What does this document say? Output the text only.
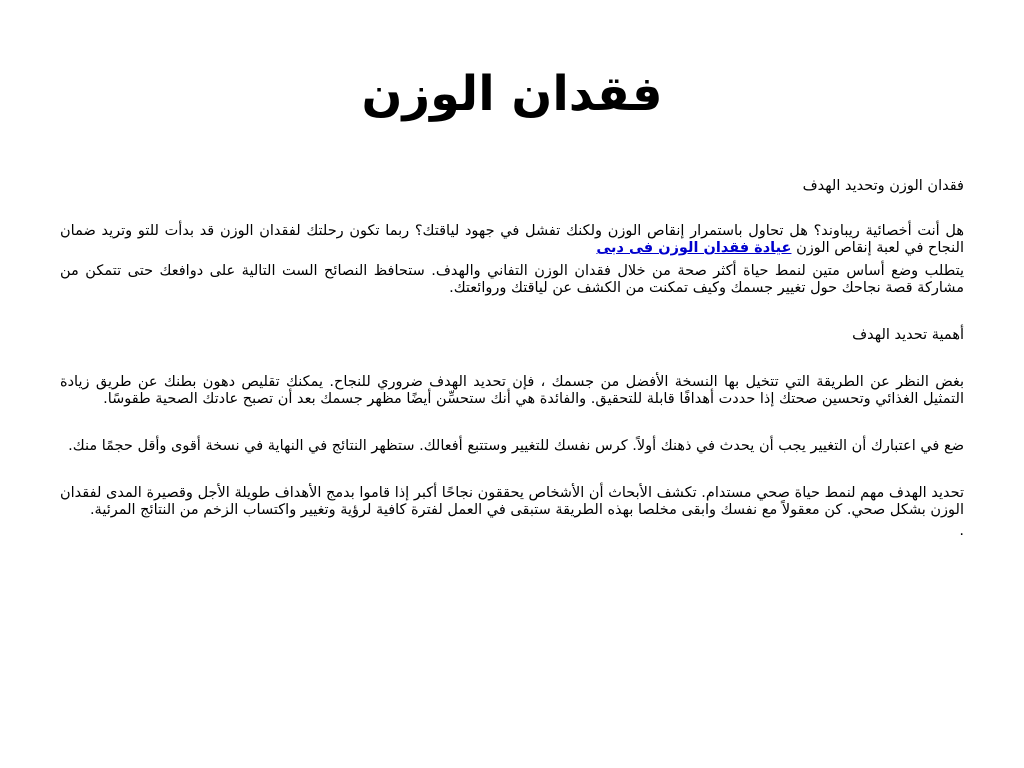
فقدان الوزن

فقدان الوزن وتحديد الهدف

هل أنت أخصائية ريباوند؟ هل تحاول باستمرار إنقاص الوزن ولكنك تفشل في جهود لياقتك؟ ربما تكون رحلتك لفقدان الوزن قد بدأت للتو وتريد ضمان النجاح في لعبة إنقاص الوزن عيادة فقدان الوزن فى دبى

يتطلب وضع أساس متين لنمط حياة أكثر صحة من خلال فقدان الوزن التفاني والهدف. ستحافظ النصائح الست التالية على دوافعك حتى تتمكن من مشاركة قصة نجاحك حول تغيير جسمك وكيف تمكنت من الكشف عن لياقتك وروائعتك.

أهمية تحديد الهدف

بغض النظر عن الطريقة التي تتخيل بها النسخة الأفضل من جسمك ، فإن تحديد الهدف ضروري للنجاح. يمكنك تقليص دهون بطنك عن طريق زيادة التمثيل الغذائي وتحسين صحتك إذا حددت أهدافًا قابلة للتحقيق. والفائدة هي أنك ستحسِّن أيضًا مظهر جسمك بعد أن تصبح عادتك الصحية طقوسًا.

ضع في اعتبارك أن التغيير يجب أن يحدث في ذهنك أولاً. كرس نفسك للتغيير وستتبع أفعالك. ستظهر النتائج في النهاية في نسخة أقوى وأقل حجمًا منك.

تحديد الهدف مهم لنمط حياة صحي مستدام. تكشف الأبحاث أن الأشخاص يحققون نجاحًا أكبر إذا قاموا بدمج الأهداف طويلة الأجل وقصيرة المدى لفقدان الوزن بشكل صحي. كن معقولاً مع نفسك وابقى مخلصا بهذه الطريقة ستبقى في العمل لفترة كافية لرؤية وتغيير واكتساب الزخم من النتائج المرئية.

.
